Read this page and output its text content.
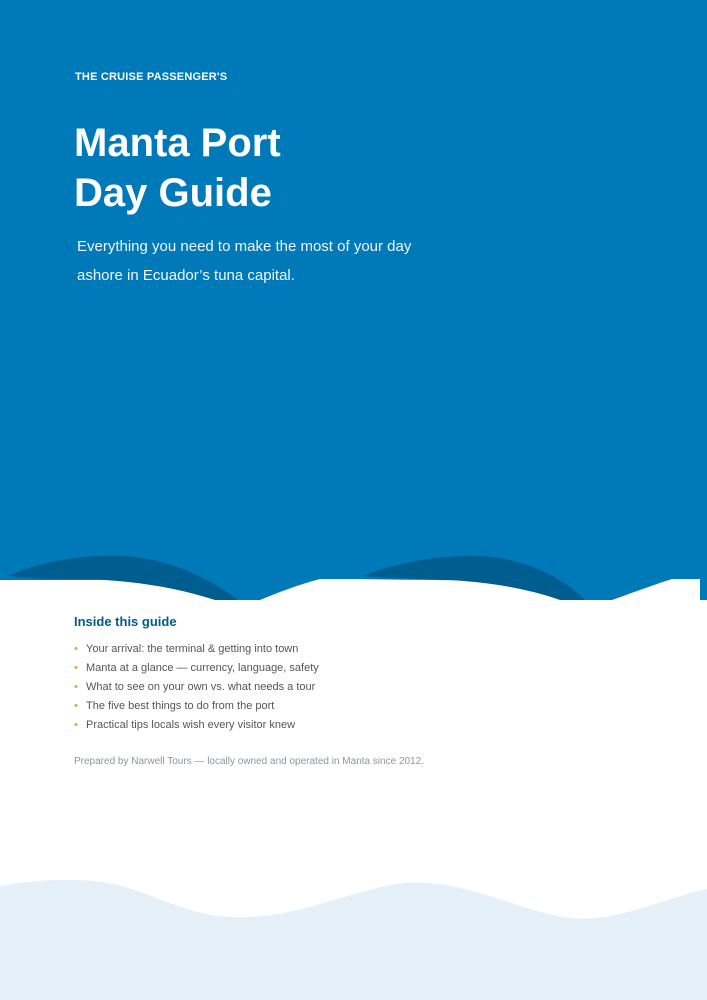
THE CRUISE PASSENGER'S
Manta Port
Day Guide

Everything you need to make the most of your day ashore in Ecuador’s tuna capital.

Inside this guide
• Your arrival: the terminal & getting into town
• Manta at a glance — currency, language, safety
• What to see on your own vs. what needs a tour
• The five best things to do from the port
• Practical tips locals wish every visitor knew

Prepared by Narwell Tours — locally owned and operated in Manta since 2012.
